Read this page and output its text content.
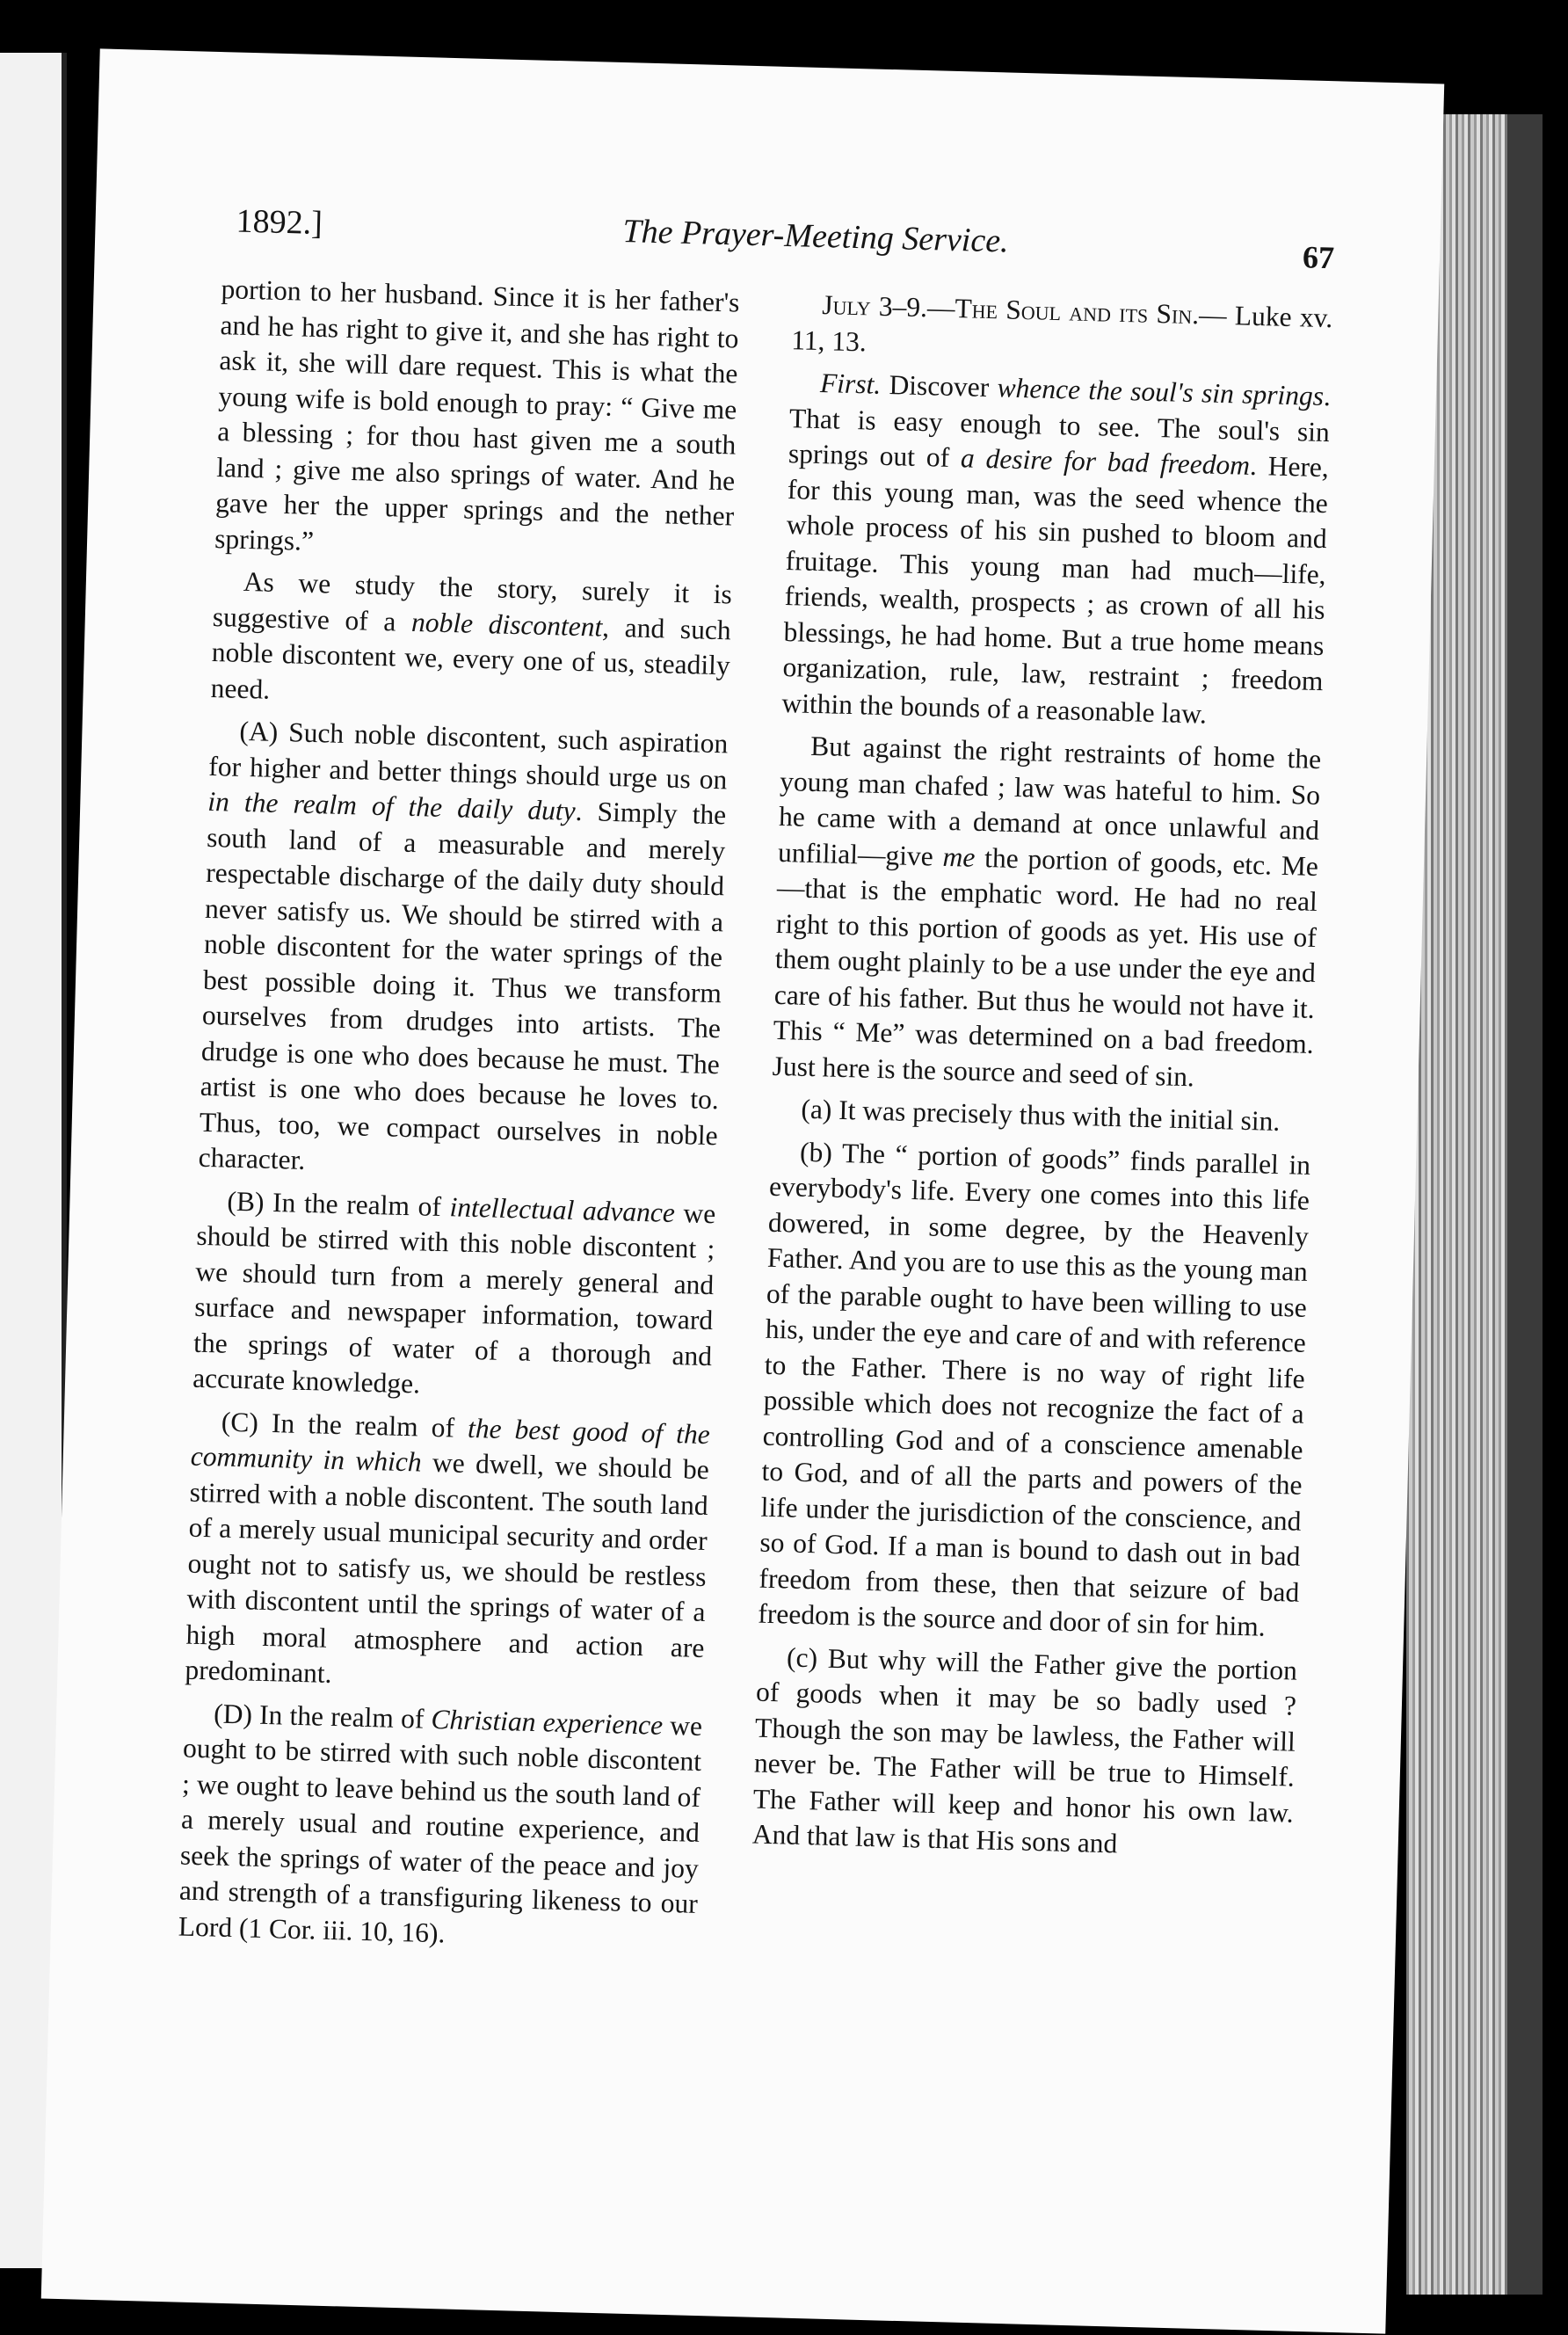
1892.]	The Prayer-Meeting Service.	67

portion to her husband. Since it is her father's and he has right to give it, and she has right to ask it, she will dare request. This is what the young wife is bold enough to pray: “ Give me a blessing ; for thou hast given me a south land ; give me also springs of water. And he gave her the upper springs and the nether springs.”

As we study the story, surely it is suggestive of a noble discontent, and such noble discontent we, every one of us, steadily need.

(A) Such noble discontent, such aspiration for higher and better things should urge us on in the realm of the daily duty. Simply the south land of a measurable and merely respectable discharge of the daily duty should never satisfy us. We should be stirred with a noble discontent for the water springs of the best possible doing it. Thus we transform ourselves from drudges into artists. The drudge is one who does because he must. The artist is one who does because he loves to. Thus, too, we compact ourselves in noble character.

(B) In the realm of intellectual advance we should be stirred with this noble discontent ; we should turn from a merely general and surface and newspaper information, toward the springs of water of a thorough and accurate knowledge.

(C) In the realm of the best good of the community in which we dwell, we should be stirred with a noble discontent. The south land of a merely usual municipal security and order ought not to satisfy us, we should be restless with discontent until the springs of water of a high moral atmosphere and action are predominant.

(D) In the realm of Christian experience we ought to be stirred with such noble discontent ; we ought to leave behind us the south land of a merely usual and routine experience, and seek the springs of water of the peace and joy and strength of a transfiguring likeness to our Lord (1 Cor. iii. 10, 16).

July 3–9.—The Soul and its Sin.— Luke xv. 11, 13.

First. Discover whence the soul's sin springs. That is easy enough to see. The soul's sin springs out of a desire for bad freedom. Here, for this young man, was the seed whence the whole process of his sin pushed to bloom and fruitage. This young man had much—life, friends, wealth, prospects ; as crown of all his blessings, he had home. But a true home means organization, rule, law, restraint ; freedom within the bounds of a reasonable law.

But against the right restraints of home the young man chafed ; law was hateful to him. So he came with a demand at once unlawful and unfilial—give me the portion of goods, etc. Me—that is the emphatic word. He had no real right to this portion of goods as yet. His use of them ought plainly to be a use under the eye and care of his father. But thus he would not have it. This “ Me” was determined on a bad freedom. Just here is the source and seed of sin.

(a) It was precisely thus with the initial sin.

(b) The “ portion of goods” finds parallel in everybody's life. Every one comes into this life dowered, in some degree, by the Heavenly Father. And you are to use this as the young man of the parable ought to have been willing to use his, under the eye and care of and with reference to the Father. There is no way of right life possible which does not recognize the fact of a controlling God and of a conscience amenable to God, and of all the parts and powers of the life under the jurisdiction of the conscience, and so of God. If a man is bound to dash out in bad freedom from these, then that seizure of bad freedom is the source and door of sin for him.

(c) But why will the Father give the portion of goods when it may be so badly used ? Though the son may be lawless, the Father will never be. The Father will be true to Himself. The Father will keep and honor his own law. And that law is that His sons and
